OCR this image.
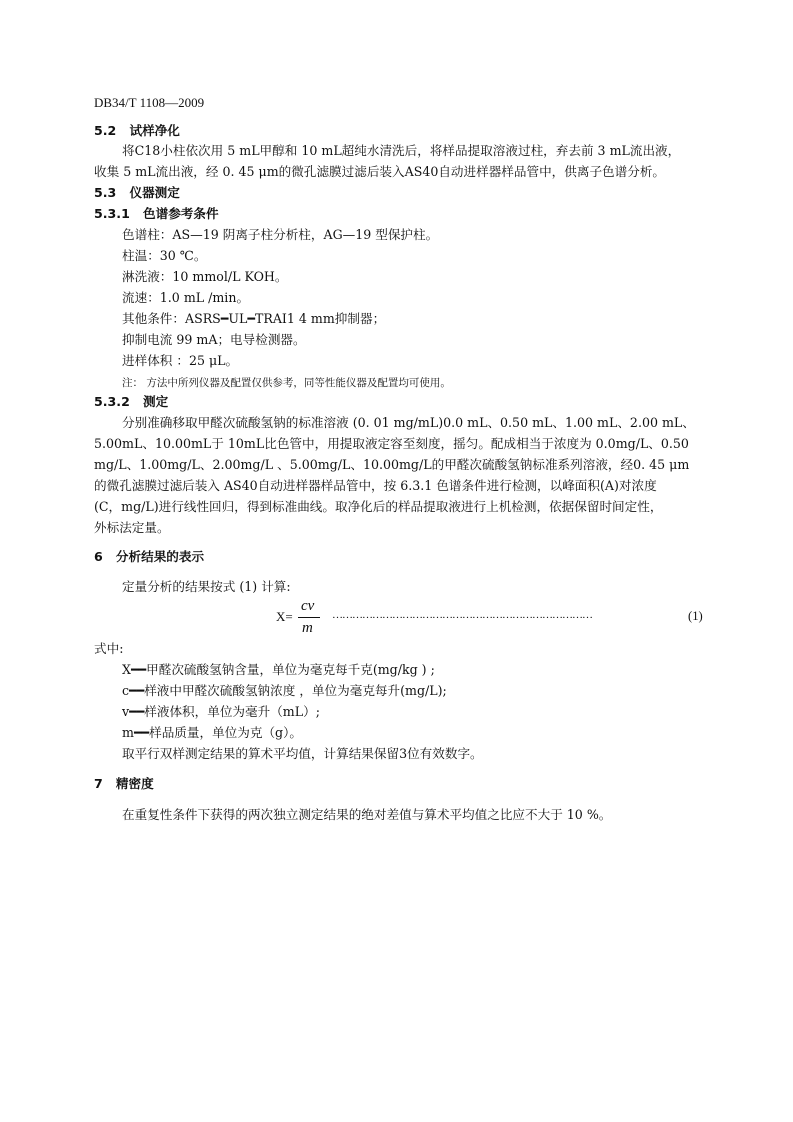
DB34/T 1108—2009
5.2 试样净化
将C18小柱依次用 5 mL甲醇和 10 mL超纯水清洗后，将样品提取溶液过柱，弃去前 3 mL流出液，
收集 5 mL流出液，经 0. 45 μm的微孔滤膜过滤后装入AS40自动进样器样品管中，供离子色谱分析。
5.3 仪器测定
5.3.1 色谱参考条件
色谱柱：AS—19 阴离子柱分析柱，AG—19 型保护柱。
柱温：30 ℃。
淋洗液：10 mmol/L KOH。
流速：1.0 mL /min。
其他条件：ASRS━UL━TRAI1 4 mm抑制器；
抑制电流 99 mA；电导检测器。
进样体积 ：25 μL。
注： 方法中所列仪器及配置仅供参考，同等性能仪器及配置均可使用。
5.3.2 测定
分别准确移取甲醛次硫酸氢钠的标准溶液 (0. 01 mg/mL)0.0 mL、0.50 mL、1.00 mL、2.00 mL、
5.00mL、10.00mL于 10mL比色管中，用提取液定容至刻度，摇匀。配成相当于浓度为 0.0mg/L、0.50
mg/L、1.00mg/L、2.00mg/L 、5.00mg/L、10.00mg/L的甲醛次硫酸氢钠标准系列溶液，经0. 45 μm
的微孔滤膜过滤后装入 AS40自动进样器样品管中，按 6.3.1 色谱条件进行检测，以峰面积(A)对浓度
(C，mg/L)进行线性回归，得到标准曲线。取净化后的样品提取液进行上机检测，依据保留时间定性，
外标法定量。
6 分析结果的表示
定量分析的结果按式 (1) 计算:
X=
cv
m
……………………………………………………………………	(1)
式中:
X━━甲醛次硫酸氢钠含量，单位为毫克每千克(mg/kg ) ;
c━━样液中甲醛次硫酸氢钠浓度 ，单位为毫克每升(mg/L);
v━━样液体积，单位为毫升（mL）;
m━━样品质量，单位为克（g）。
取平行双样测定结果的算术平均值，计算结果保留3位有效数字。
7 精密度
在重复性条件下获得的两次独立测定结果的绝对差值与算术平均值之比应不大于 10 %。
